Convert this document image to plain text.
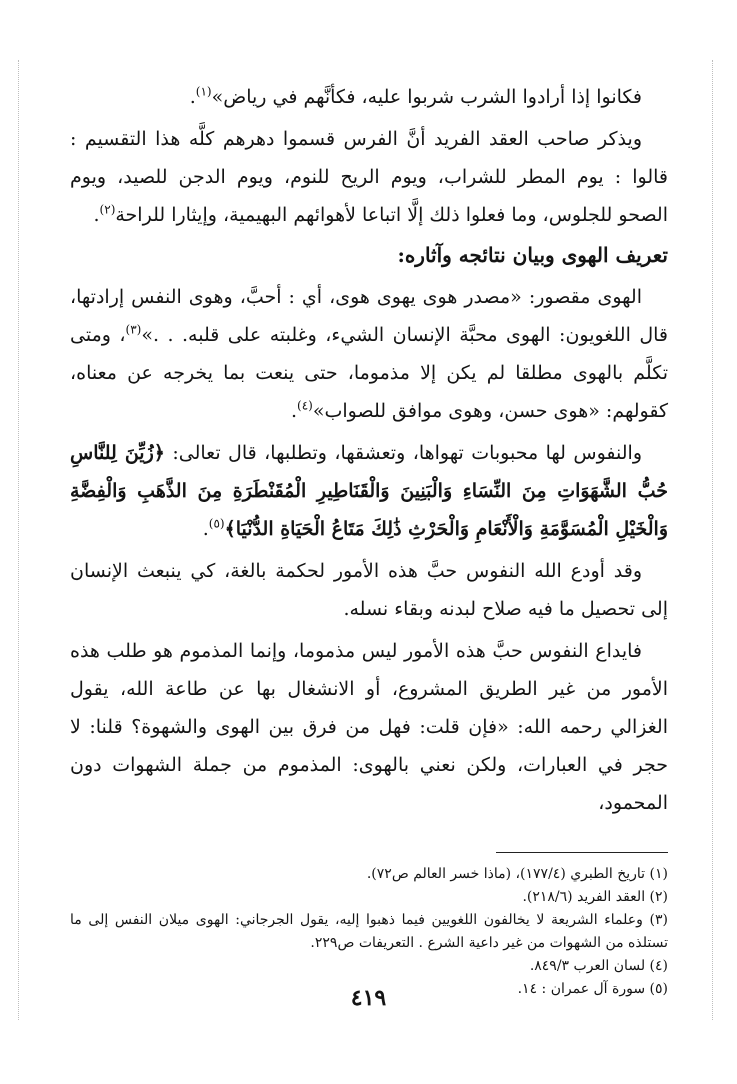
فكانوا إذا أرادوا الشرب شربوا عليه، فكأنَّهم في رياض»$^{(١)}$.

ويذكر صاحب العقد الفريد أنَّ الفرس قسموا دهرهم كلَّه هذا التقسيم : قالوا : يوم المطر للشراب، ويوم الريح للنوم، ويوم الدجن للصيد، ويوم الصحو للجلوس، وما فعلوا ذلك إلَّا اتباعا لأهوائهم البهيمية، وإيثارا للراحة$^{(٢)}$.

تعريف الهوى وبيان نتائجه وآثاره:

الهوى مقصور: «مصدر هوى يهوى هوى، أي : أحبَّ، وهوى النفس إرادتها، قال اللغويون: الهوى محبَّة الإنسان الشيء، وغلبته على قلبه. . .»$^{(٣)}$، ومتى تكلَّم بالهوى مطلقا لم يكن إلا مذموما، حتى ينعت بما يخرجه عن معناه، كقولهم: «هوى حسن، وهوى موافق للصواب»$^{(٤)}$.

والنفوس لها محبوبات تهواها، وتعشقها، وتطلبها، قال تعالى: ﴿زُيِّنَ لِلنَّاسِ حُبُّ الشَّهَوَاتِ مِنَ النِّسَاءِ وَالْبَنِينَ وَالْقَنَاطِيرِ الْمُقَنْطَرَةِ مِنَ الذَّهَبِ وَالْفِضَّةِ وَالْخَيْلِ الْمُسَوَّمَةِ وَالْأَنْعَامِ وَالْحَرْثِ ذَٰلِكَ مَتَاعُ الْحَيَاةِ الدُّنْيَا﴾$^{(٥)}$.

وقد أودع الله النفوس حبَّ هذه الأمور لحكمة بالغة، كي ينبعث الإنسان إلى تحصيل ما فيه صلاح لبدنه وبقاء نسله.

فايداع النفوس حبَّ هذه الأمور ليس مذموما، وإنما المذموم هو طلب هذه الأمور من غير الطريق المشروع، أو الانشغال بها عن طاعة الله، يقول الغزالي رحمه الله: «فإن قلت: فهل من فرق بين الهوى والشهوة؟ قلنا: لا حجر في العبارات، ولكن نعني بالهوى: المذموم من جملة الشهوات دون المحمود،

(١) تاريخ الطبري (١٧٧/٤)، (ماذا خسر العالم ص٧٢).

(٢) العقد الفريد (٢١٨/٦).

(٣) وعلماء الشريعة لا يخالفون اللغويين فيما ذهبوا إليه، يقول الجرجاني: الهوى ميلان النفس إلى ما تستلذه من الشهوات من غير داعية الشرع . التعريفات ص٢٢٩.

(٤) لسان العرب ٨٤٩/٣.

(٥) سورة آل عمران : ١٤.

٤١٩
